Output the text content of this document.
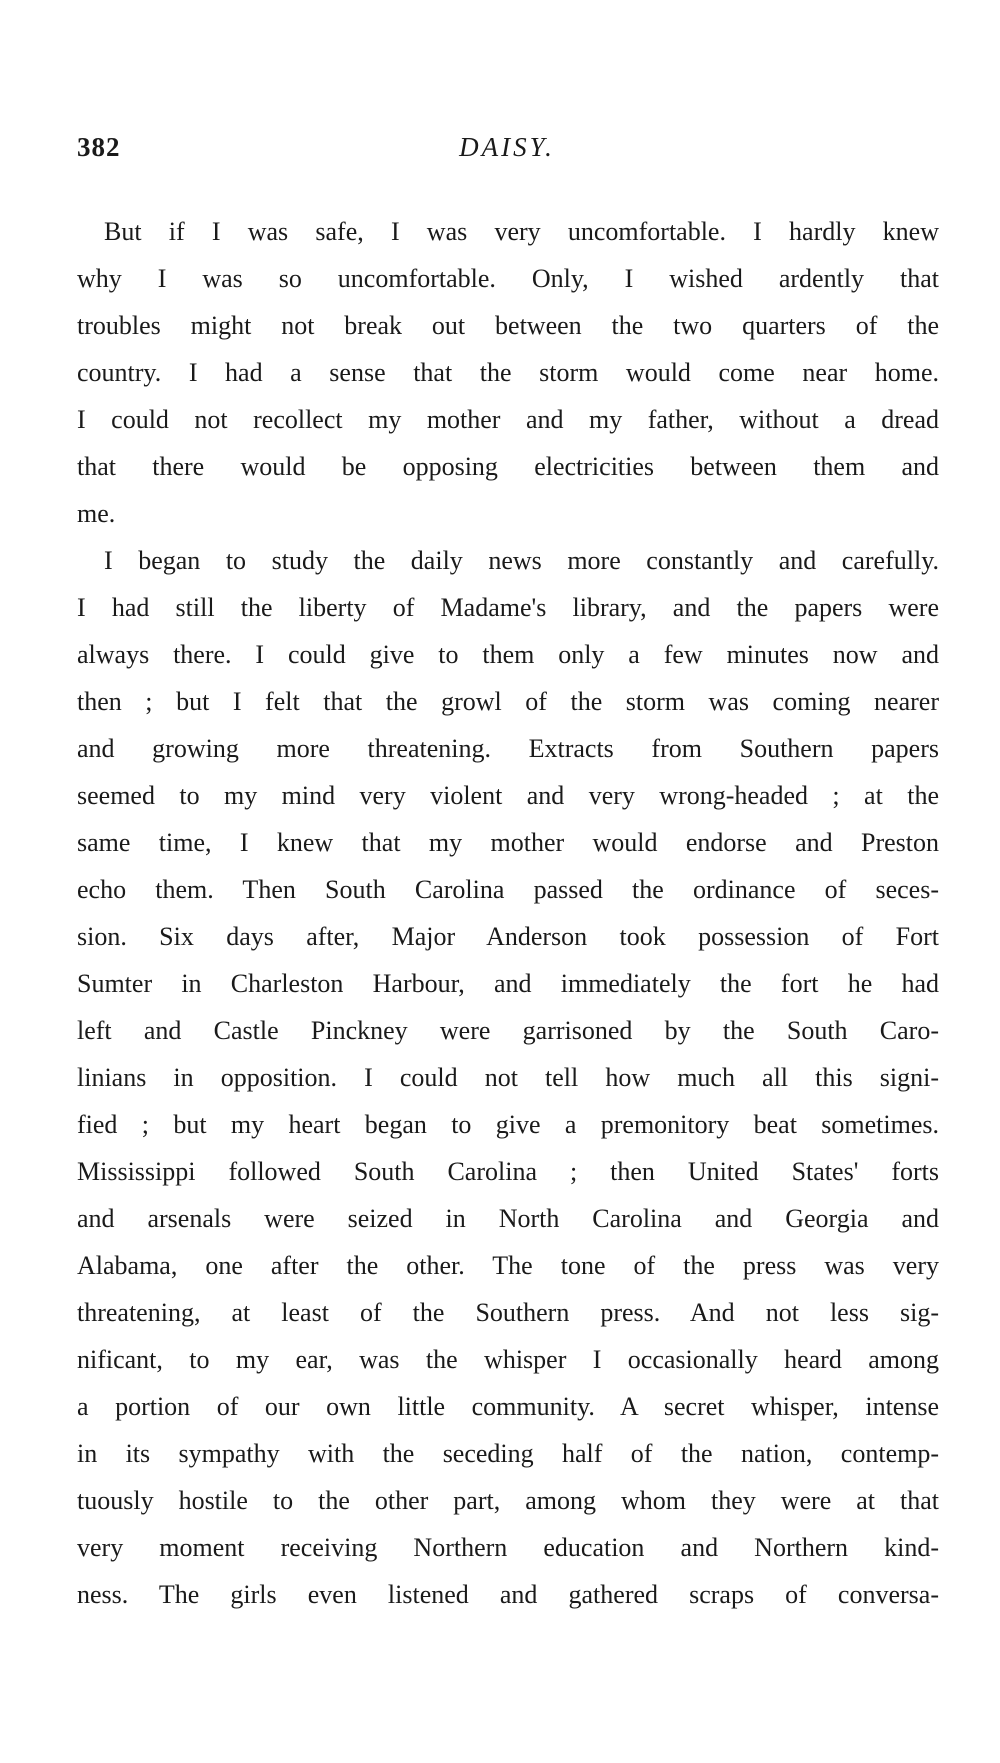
382	DAISY.

But if I was safe, I was very uncomfortable. I hardly knew
why I was so uncomfortable. Only, I wished ardently that
troubles might not break out between the two quarters of the
country. I had a sense that the storm would come near home.
I could not recollect my mother and my father, without a dread
that there would be opposing electricities between them and
me.

I began to study the daily news more constantly and carefully.
I had still the liberty of Madame's library, and the papers were
always there. I could give to them only a few minutes now and
then ; but I felt that the growl of the storm was coming nearer
and growing more threatening. Extracts from Southern papers
seemed to my mind very violent and very wrong-headed ; at the
same time, I knew that my mother would endorse and Preston
echo them. Then South Carolina passed the ordinance of seces-
sion. Six days after, Major Anderson took possession of Fort
Sumter in Charleston Harbour, and immediately the fort he had
left and Castle Pinckney were garrisoned by the South Caro-
linians in opposition. I could not tell how much all this signi-
fied ; but my heart began to give a premonitory beat sometimes.
Mississippi followed South Carolina ; then United States' forts
and arsenals were seized in North Carolina and Georgia and
Alabama, one after the other. The tone of the press was very
threatening, at least of the Southern press. And not less sig-
nificant, to my ear, was the whisper I occasionally heard among
a portion of our own little community. A secret whisper, intense
in its sympathy with the seceding half of the nation, contemp-
tuously hostile to the other part, among whom they were at that
very moment receiving Northern education and Northern kind-
ness. The girls even listened and gathered scraps of conversa-
